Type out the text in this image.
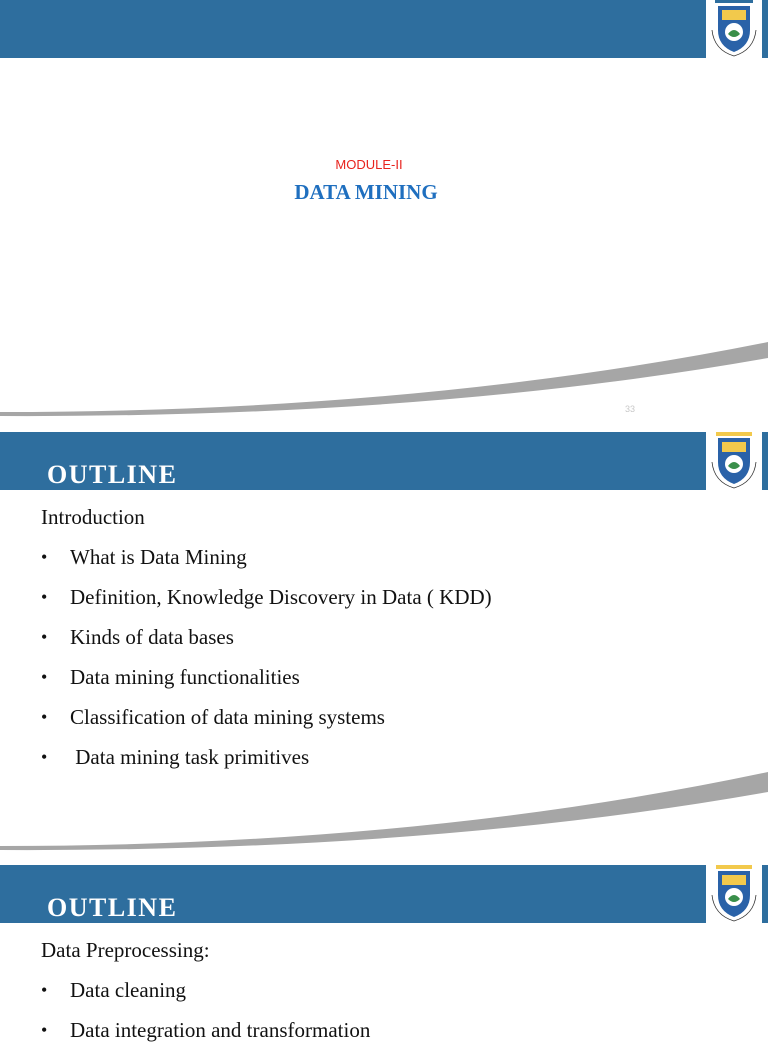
MODULE-II
DATA MINING
33
OUTLINE
Introduction
• What is Data Mining
• Definition, Knowledge Discovery in Data ( KDD)
• Kinds of data bases
• Data mining functionalities
• Classification of data mining systems
• Data mining task primitives
OUTLINE
Data Preprocessing:
• Data cleaning
• Data integration and transformation
